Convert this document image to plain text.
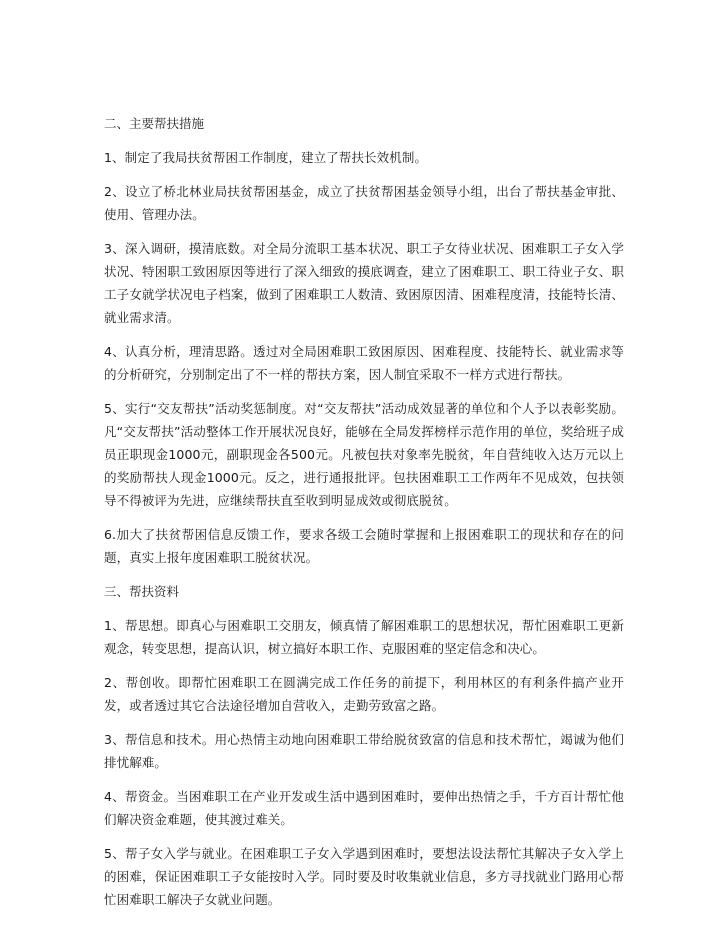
二、主要帮扶措施

1、制定了我局扶贫帮困工作制度，建立了帮扶长效机制。

2、设立了桥北林业局扶贫帮困基金，成立了扶贫帮困基金领导小组，出台了帮扶基金审批、使用、管理办法。

3、深入调研，摸清底数。对全局分流职工基本状况、职工子女待业状况、困难职工子女入学状况、特困职工致困原因等进行了深入细致的摸底调查，建立了困难职工、职工待业子女、职工子女就学状况电子档案，做到了困难职工人数清、致困原因清、困难程度清，技能特长清、就业需求清。

4、认真分析，理清思路。透过对全局困难职工致困原因、困难程度、技能特长、就业需求等的分析研究，分别制定出了不一样的帮扶方案，因人制宜采取不一样方式进行帮扶。

5、实行“交友帮扶”活动奖惩制度。对“交友帮扶”活动成效显著的单位和个人予以表彰奖励。凡“交友帮扶”活动整体工作开展状况良好，能够在全局发挥榜样示范作用的单位，奖给班子成员正职现金1000元，副职现金各500元。凡被包扶对象率先脱贫，年自营纯收入达万元以上的奖励帮扶人现金1000元。反之，进行通报批评。包扶困难职工工作两年不见成效，包扶领导不得被评为先进，应继续帮扶直至收到明显成效或彻底脱贫。

6.加大了扶贫帮困信息反馈工作，要求各级工会随时掌握和上报困难职工的现状和存在的问题，真实上报年度困难职工脱贫状况。

三、帮扶资料

1、帮思想。即真心与困难职工交朋友，倾真情了解困难职工的思想状况，帮忙困难职工更新观念，转变思想，提高认识，树立搞好本职工作、克服困难的坚定信念和决心。

2、帮创收。即帮忙困难职工在圆满完成工作任务的前提下，利用林区的有利条件搞产业开发，或者透过其它合法途径增加自营收入，走勤劳致富之路。

3、帮信息和技术。用心热情主动地向困难职工带给脱贫致富的信息和技术帮忙，竭诚为他们排忧解难。

4、帮资金。当困难职工在产业开发或生活中遇到困难时，要伸出热情之手，千方百计帮忙他们解决资金难题，使其渡过难关。

5、帮子女入学与就业。在困难职工子女入学遇到困难时，要想法设法帮忙其解决子女入学上的困难，保证困难职工子女能按时入学。同时要及时收集就业信息，多方寻找就业门路用心帮忙困难职工解决子女就业问题。
